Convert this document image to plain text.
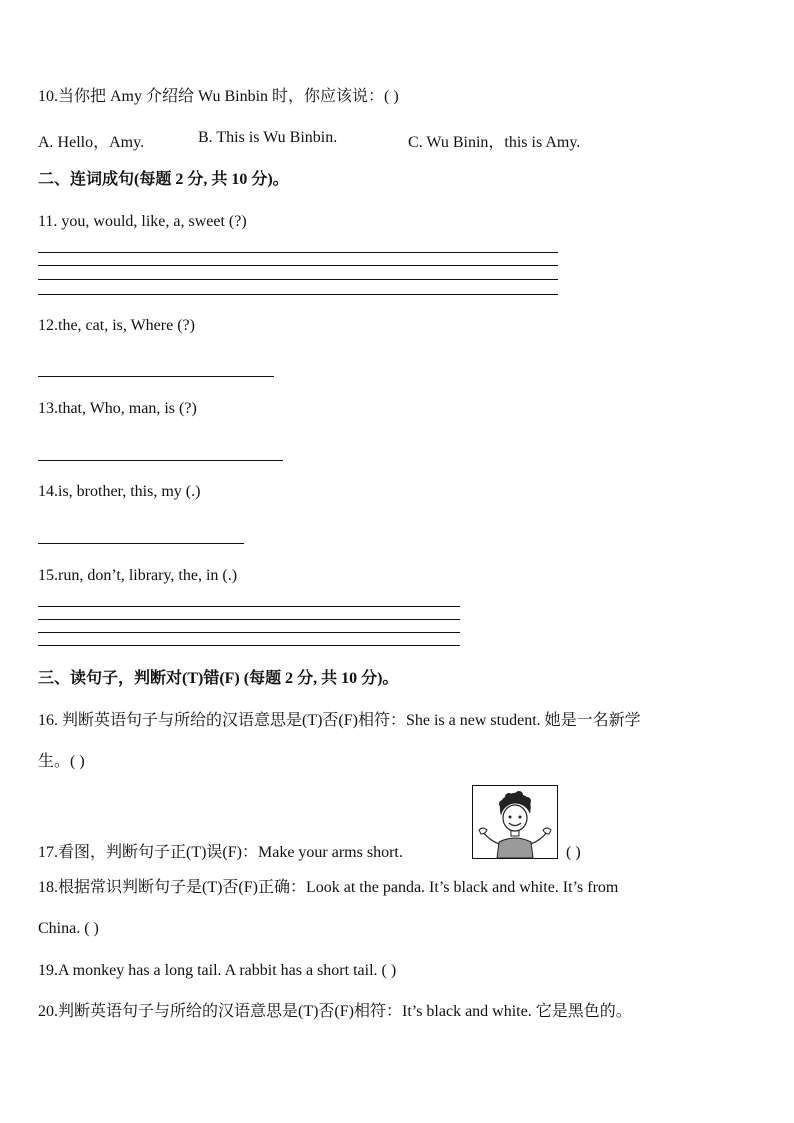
10.当你把 Amy 介绍给 Wu Binbin 时，你应该说：( )
A. Hello，Amy.	B. This is Wu Binbin.	C. Wu Binin，this is Amy.
二、连词成句(每题 2 分, 共 10 分)。
11. you, would, like, a, sweet (?)
12.the, cat, is, Where (?)
13.that, Who, man, is (?)
14.is, brother, this, my (.)
15.run, don’t, library, the, in (.)
三、读句子，判断对(T)错(F) (每题 2 分, 共 10 分)。
16. 判断英语句子与所给的汉语意思是(T)否(F)相符：She is a new student. 她是一名新学
生。( )
17.看图，判断句子正(T)误(F)：Make your arms short.	( )
18.根据常识判断句子是(T)否(F)正确：Look at the panda. It’s black and white. It’s from
China. ( )
19.A monkey has a long tail. A rabbit has a short tail. ( )
20.判断英语句子与所给的汉语意思是(T)否(F)相符：It’s black and white. 它是黑色的。
